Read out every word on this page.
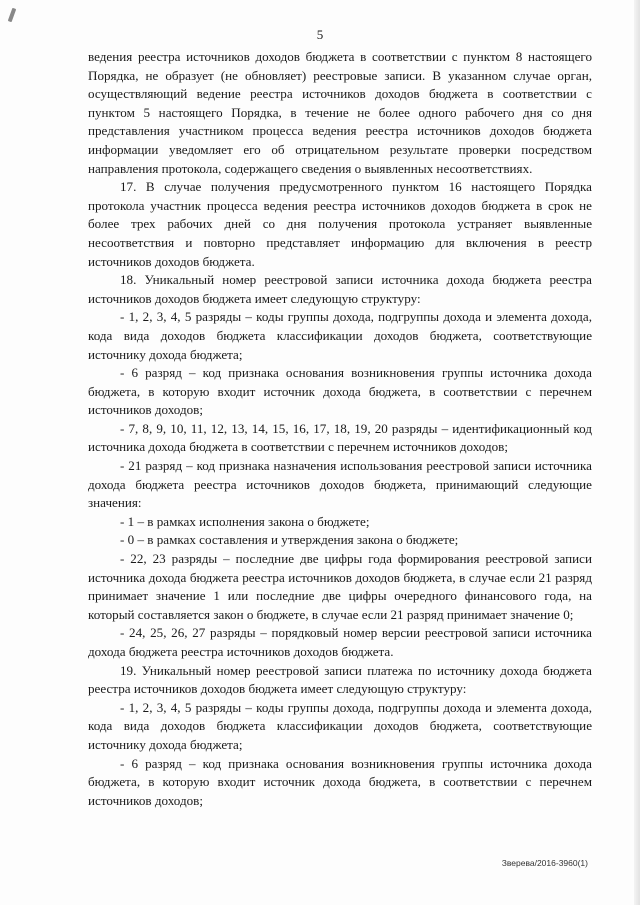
5

ведения реестра источников доходов бюджета в соответствии с пунктом 8 настоящего Порядка, не образует (не обновляет) реестровые записи. В указанном случае орган, осуществляющий ведение реестра источников доходов бюджета в соответствии с пунктом 5 настоящего Порядка, в течение не более одного рабочего дня со дня представления участником процесса ведения реестра источников доходов бюджета информации уведомляет его об отрицательном результате проверки посредством направления протокола, содержащего сведения о выявленных несоответствиях.

17. В случае получения предусмотренного пунктом 16 настоящего Порядка протокола участник процесса ведения реестра источников доходов бюджета в срок не более трех рабочих дней со дня получения протокола устраняет выявленные несоответствия и повторно представляет информацию для включения в реестр источников доходов бюджета.

18. Уникальный номер реестровой записи источника дохода бюджета реестра источников доходов бюджета имеет следующую структуру:

- 1, 2, 3, 4, 5 разряды – коды группы дохода, подгруппы дохода и элемента дохода, кода вида доходов бюджета классификации доходов бюджета, соответствующие источнику дохода бюджета;

- 6 разряд – код признака основания возникновения группы источника дохода бюджета, в которую входит источник дохода бюджета, в соответствии с перечнем источников доходов;

- 7, 8, 9, 10, 11, 12, 13, 14, 15, 16, 17, 18, 19, 20 разряды – идентификационный код источника дохода бюджета в соответствии с перечнем источников доходов;

- 21 разряд – код признака назначения использования реестровой записи источника дохода бюджета реестра источников доходов бюджета, принимающий следующие значения:

- 1 – в рамках исполнения закона о бюджете;

- 0 – в рамках составления и утверждения закона о бюджете;

- 22, 23 разряды – последние две цифры года формирования реестровой записи источника дохода бюджета реестра источников доходов бюджета, в случае если 21 разряд принимает значение 1 или последние две цифры очередного финансового года, на который составляется закон о бюджете, в случае если 21 разряд принимает значение 0;

- 24, 25, 26, 27 разряды – порядковый номер версии реестровой записи источника дохода бюджета реестра источников доходов бюджета.

19. Уникальный номер реестровой записи платежа по источнику дохода бюджета реестра источников доходов бюджета имеет следующую структуру:

- 1, 2, 3, 4, 5 разряды – коды группы дохода, подгруппы дохода и элемента дохода, кода вида доходов бюджета классификации доходов бюджета, соответствующие источнику дохода бюджета;

- 6 разряд – код признака основания возникновения группы источника дохода бюджета, в которую входит источник дохода бюджета, в соответствии с перечнем источников доходов;

Зверева/2016-3960(1)
